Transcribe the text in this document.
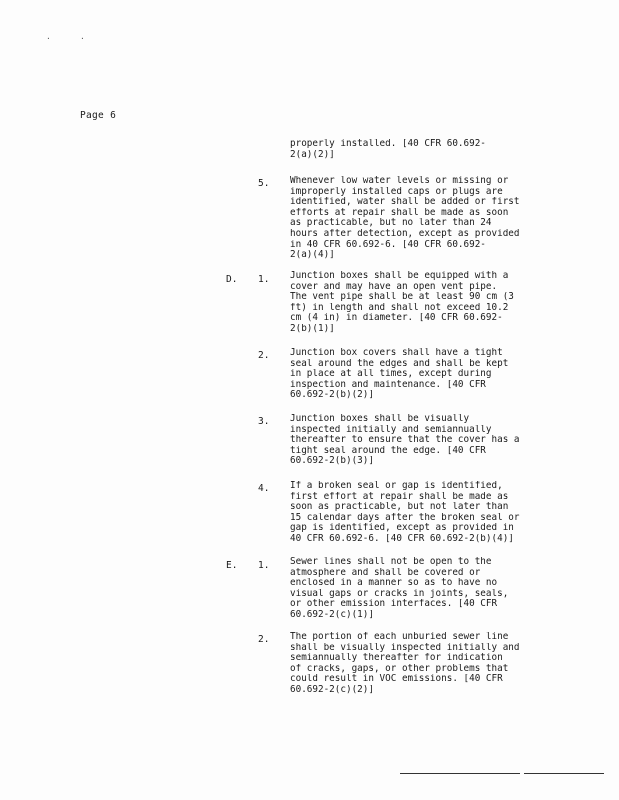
.	.
Page 6
properly installed. [40 CFR 60.692-
2(a)(2)]
5. Whenever low water levels or missing or
improperly installed caps or plugs are
identified, water shall be added or first
efforts at repair shall be made as soon
as practicable, but no later than 24
hours after detection, except as provided
in 40 CFR 60.692-6. [40 CFR 60.692-
2(a)(4)]
D. 1. Junction boxes shall be equipped with a
cover and may have an open vent pipe.
The vent pipe shall be at least 90 cm (3
ft) in length and shall not exceed 10.2
cm (4 in) in diameter. [40 CFR 60.692-
2(b)(1)]
2. Junction box covers shall have a tight
seal around the edges and shall be kept
in place at all times, except during
inspection and maintenance. [40 CFR
60.692-2(b)(2)]
3. Junction boxes shall be visually
inspected initially and semiannually
thereafter to ensure that the cover has a
tight seal around the edge. [40 CFR
60.692-2(b)(3)]
4. If a broken seal or gap is identified,
first effort at repair shall be made as
soon as practicable, but not later than
15 calendar days after the broken seal or
gap is identified, except as provided in
40 CFR 60.692-6. [40 CFR 60.692-2(b)(4)]
E. 1. Sewer lines shall not be open to the
atmosphere and shall be covered or
enclosed in a manner so as to have no
visual gaps or cracks in joints, seals,
or other emission interfaces. [40 CFR
60.692-2(c)(1)]
2. The portion of each unburied sewer line
shall be visually inspected initially and
semiannually thereafter for indication
of cracks, gaps, or other problems that
could result in VOC emissions. [40 CFR
60.692-2(c)(2)]
